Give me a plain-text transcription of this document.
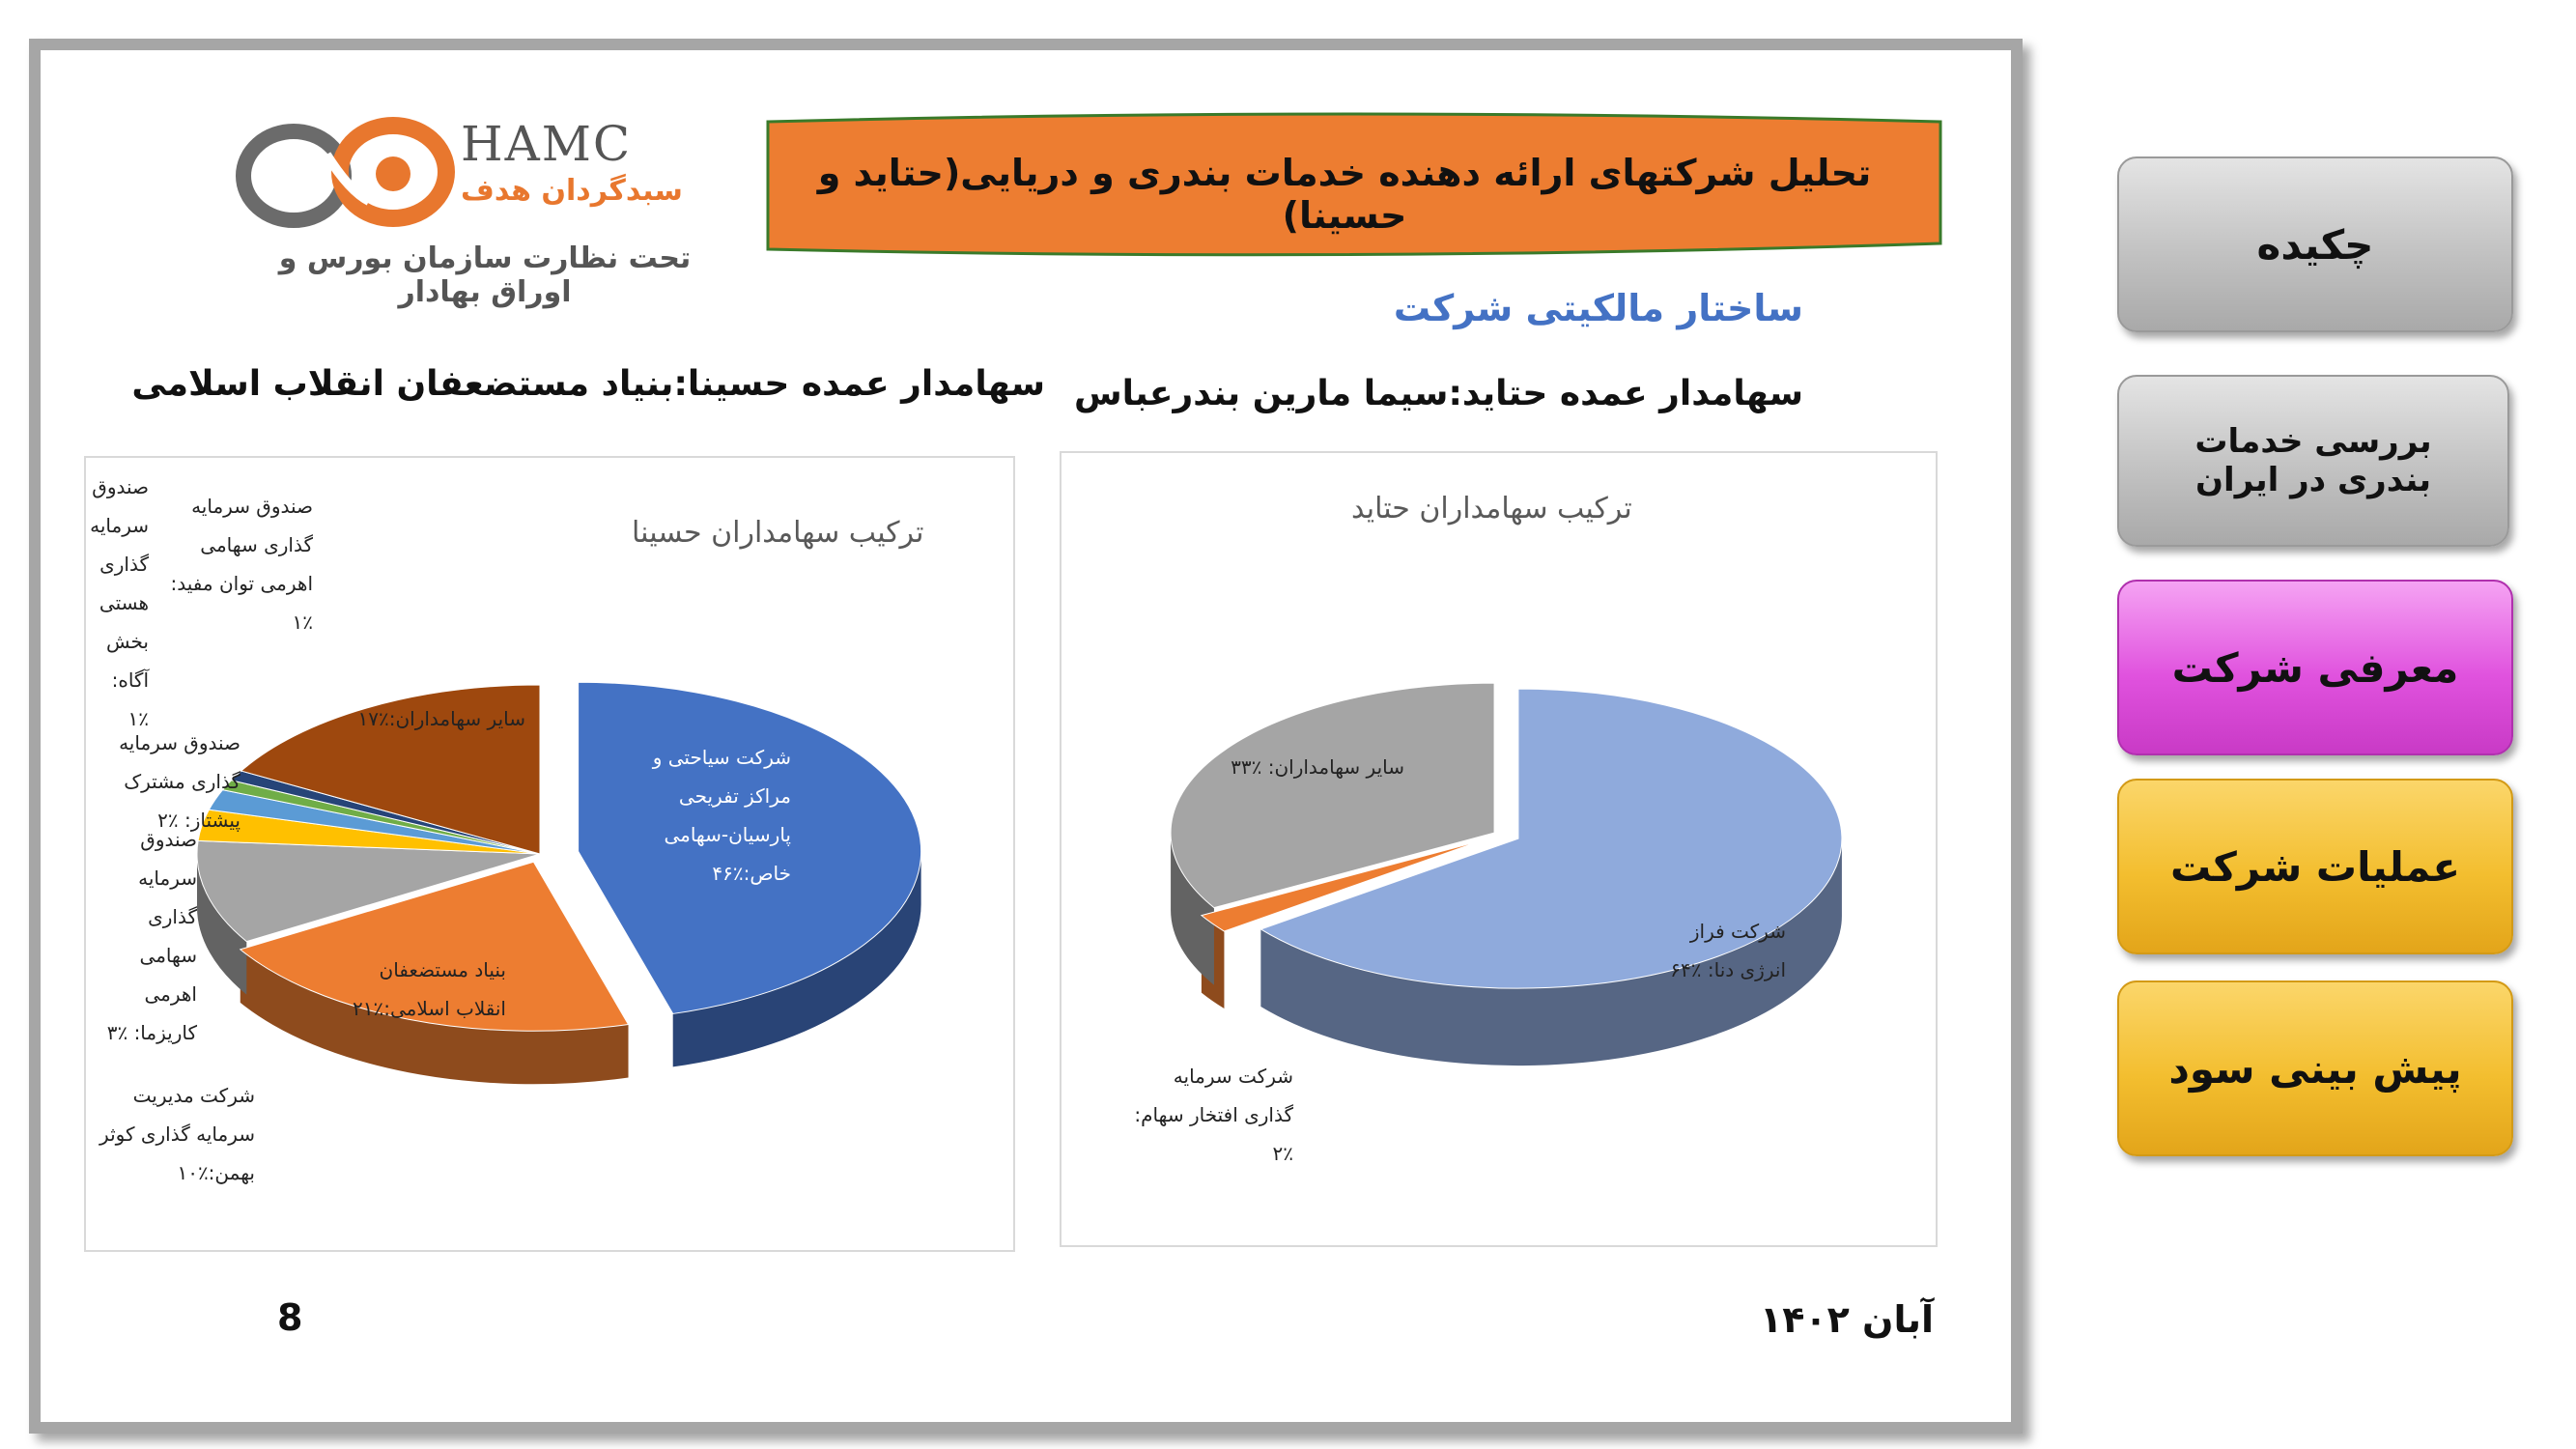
HAMC
سبدگردان هدف
تحت نظارت سازمان بورس و اوراق بهادار
تحلیل شرکتهای ارائه دهنده خدمات بندری و دریایی(حتاید و حسینا)
ساختار مالکیتی شرکت
سهامدار عمده حسینا:بنیاد مستضعفان انقلاب اسلامی سهامدار عمده حتاید:سیما مارین بندرعباس
ترکیب سهامداران حسینا
شرکت سیاحتی و مراکز تفریحی پارسیان-سهامی خاص:٪۴۶
بنیاد مستضعفان انقلاب اسلامی:٪۲۱
شرکت مدیریت سرمایه گذاری کوثر بهمن:٪۱۰
صندوق سرمایه گذاری سهامی اهرمی کاریزما: ٪۳
صندوق سرمایه گذاری مشترک پیشتاز: ٪۲
صندوق سرمایه گذاری هستی بخش آگاه: ٪۱
صندوق سرمایه گذاری سهامی اهرمی توان مفید: ٪۱
سایر سهامداران:٪۱۷
ترکیب سهامداران حتاید
شرکت فراز انرژی دنا: ٪۶۴
شرکت سرمایه گذاری افتخار سهام: ٪۲
سایر سهامداران: ٪۳۳
8	آبان ۱۴۰۲
چکیده
بررسی خدمات بندری در ایران
معرفی شرکت
عملیات شرکت
پیش بینی سود
